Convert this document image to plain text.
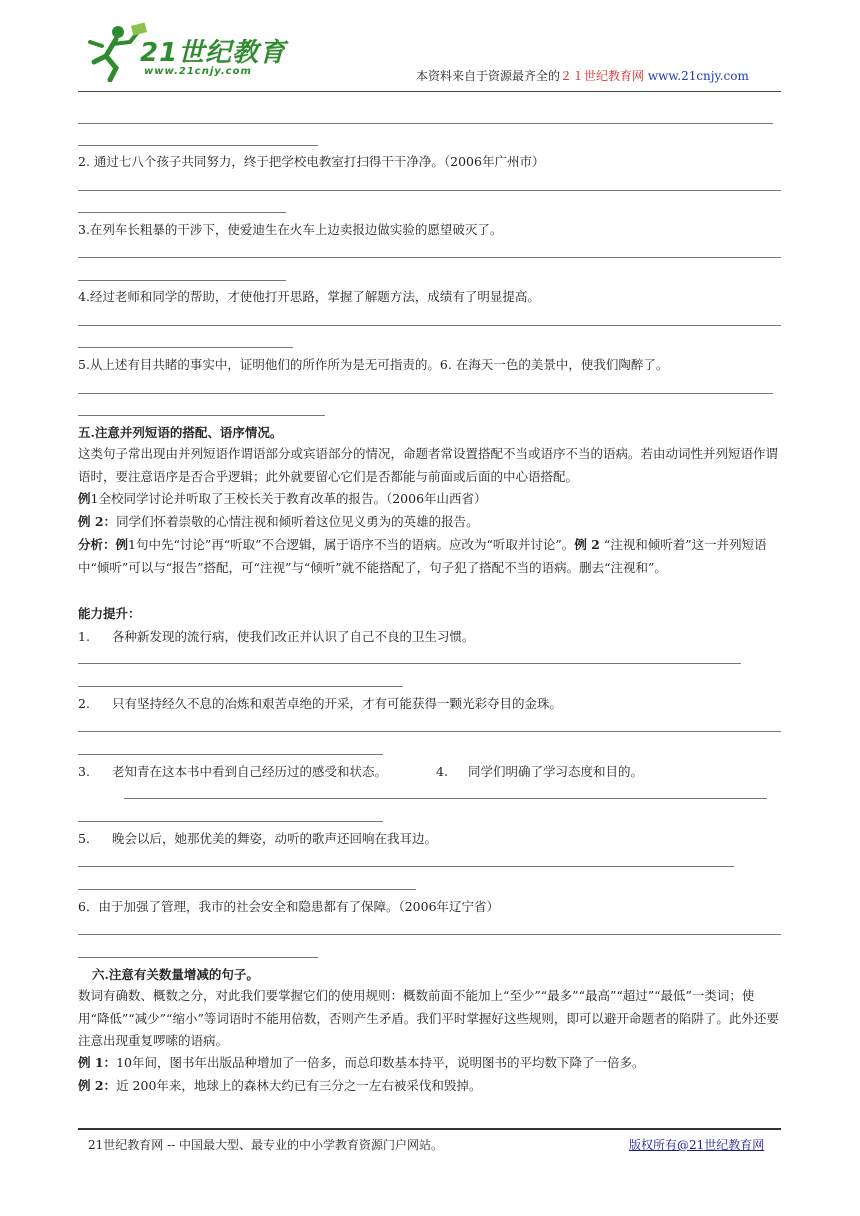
21世纪教育
www.21cnjy.com	本资料来自于资源最齐全的２１世纪教育网 www.21cnjy.com
2. 通过七八个孩子共同努力，终于把学校电教室打扫得干干净净。（2006年广州市）
3.在列车长粗暴的干涉下，使爱迪生在火车上边卖报边做实验的愿望破灭了。
4.经过老师和同学的帮助，才使他打开思路，掌握了解题方法，成绩有了明显提高。
5.从上述有目共睹的事实中，证明他们的所作所为是无可指责的。6. 在海天一色的美景中，使我们陶醉了。
五.注意并列短语的搭配、语序情况。
这类句子常出现由并列短语作谓语部分或宾语部分的情况，命题者常设置搭配不当或语序不当的语病。若由动词性并列短语作谓语时，要注意语序是否合乎逻辑；此外就要留心它们是否都能与前面或后面的中心语搭配。
例1全校同学讨论并听取了王校长关于教育改革的报告。（2006年山西省）
例 2：同学们怀着崇敬的心情注视和倾听着这位见义勇为的英雄的报告。
分析：例1句中先“讨论”再“听取”不合逻辑，属于语序不当的语病。应改为“听取并讨论”。例 2 “注视和倾听着”这一并列短语中“倾听”可以与“报告”搭配，可“注视”与“倾听”就不能搭配了，句子犯了搭配不当的语病。删去“注视和”。
能力提升：
1. 各种新发现的流行病，使我们改正并认识了自己不良的卫生习惯。
2. 只有坚持经久不息的冶炼和艰苦卓绝的开采，才有可能获得一颗光彩夺目的金珠。
3. 老知青在这本书中看到自己经历过的感受和状态。	4. 同学们明确了学习态度和目的。
5. 晚会以后，她那优美的舞姿，动听的歌声还回响在我耳边。
6．由于加强了管理，我市的社会安全和隐患都有了保障。（2006年辽宁省）
六.注意有关数量增减的句子。
数词有确数、概数之分，对此我们要掌握它们的使用规则：概数前面不能加上“至少”“最多”“最高”“超过”“最低”一类词；使用“降低”“减少”“缩小”等词语时不能用倍数，否则产生矛盾。我们平时掌握好这些规则，即可以避开命题者的陷阱了。此外还要注意出现重复啰嗦的语病。
例 1：10年间，图书年出版品种增加了一倍多，而总印数基本持平，说明图书的平均数下降了一倍多。
例 2：近 200年来，地球上的森林大约已有三分之一左右被采伐和毁掉。
21世纪教育网 -- 中国最大型、最专业的中小学教育资源门户网站。	版权所有@21世纪教育网
